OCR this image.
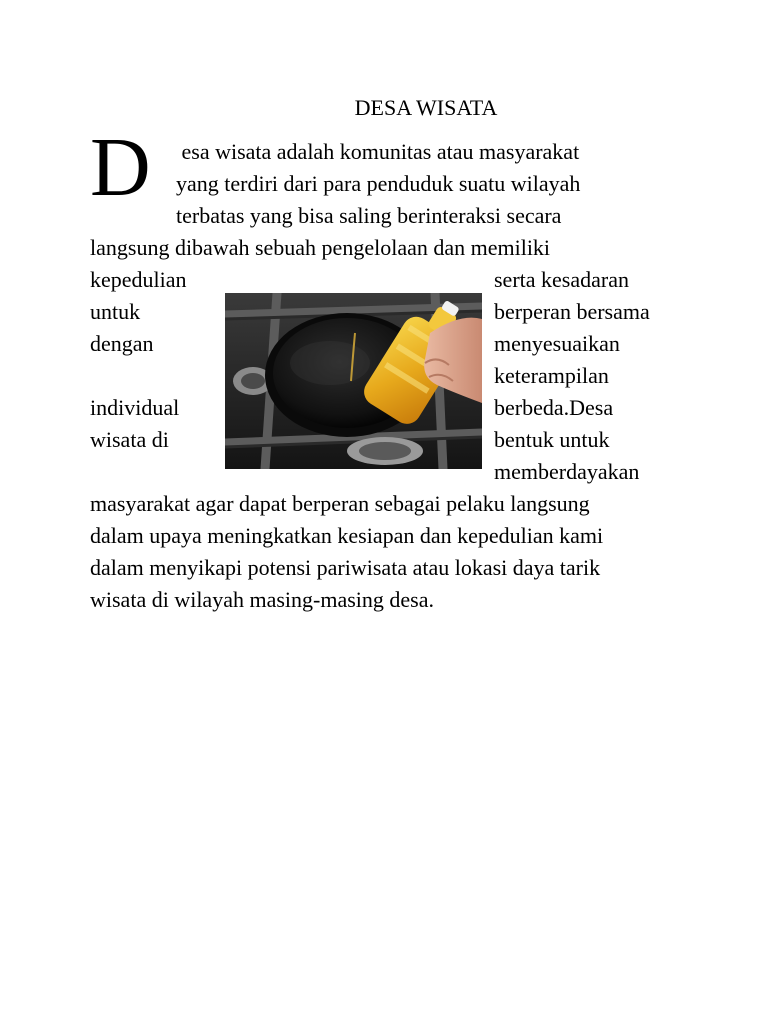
DESA WISATA
D esa wisata adalah komunitas atau masyarakat
yang terdiri dari para penduduk suatu wilayah
terbatas yang bisa saling berinteraksi secara
langsung dibawah sebuah pengelolaan dan memiliki
kepedulian	serta kesadaran
untuk	berperan bersama
dengan	menyesuaikan
keterampilan
individual	berbeda.Desa
wisata di	bentuk untuk
memberdayakan
masyarakat agar dapat berperan sebagai pelaku langsung
dalam upaya meningkatkan kesiapan dan kepedulian kami
dalam menyikapi potensi pariwisata atau lokasi daya tarik
wisata di wilayah masing-masing desa.
